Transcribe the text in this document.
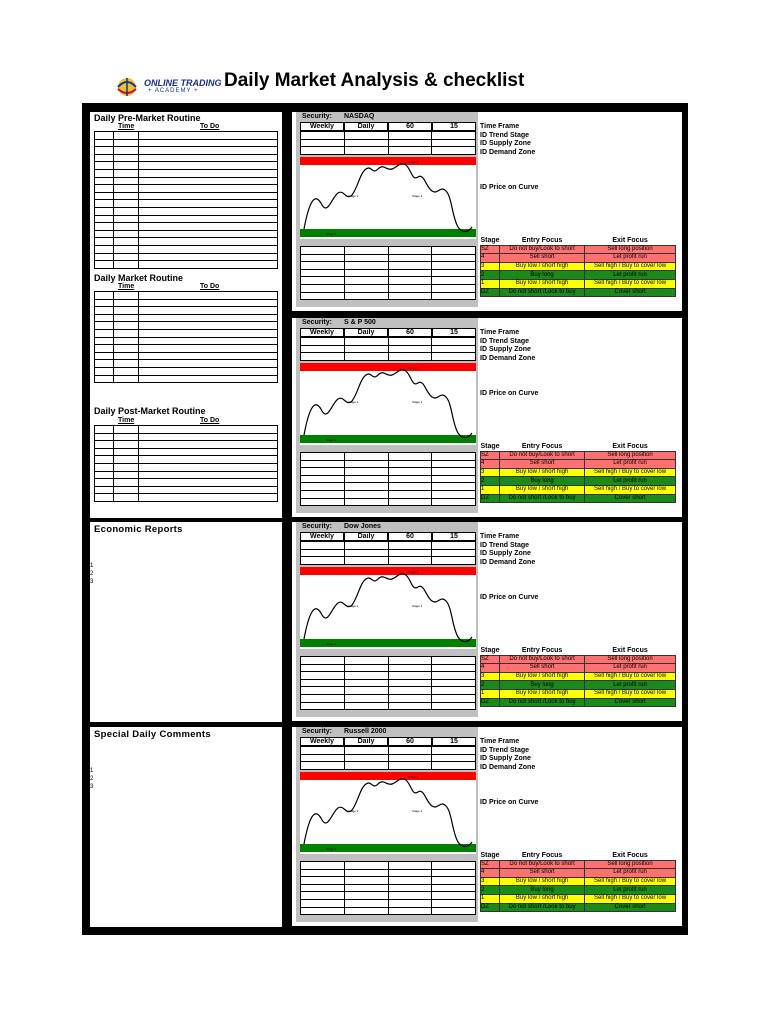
ONLINE TRADING
+ ACADEMY + Daily Market Analysis & checklist
Daily Pre-Market Routine
Time	To Do

Daily Market Routine
Time	To Do

Daily Post-Market Routine
Time	To Do

Economic Reports
1
2
3
Special Daily Comments
1
2
3
Security: NASDAQ
Weekly	Daily	60	15

Stage 2	Stage 4
Stage 3
Stage 1

Time Frame
ID Trend Stage
ID Supply Zone
ID Demand Zone
ID Price on Curve
Stage	Entry Focus	Exit Focus
SZ	Do not buy/Look to short	Sell long position
4	Sell short	Let profit run
3	Buy low / short high	Sell high / Buy to cover low
2	Buy long	Let profit run
1	Buy low / short high	Sell high / Buy to cover low
DZ	Do not short /Look to buy	Cover short
Security: S & P 500
Weekly	Daily	60	15

Stage 2	Stage 4
Stage 3
Stage 1

Time Frame
ID Trend Stage
ID Supply Zone
ID Demand Zone
ID Price on Curve
Stage	Entry Focus	Exit Focus
SZ	Do not buy/Look to short	Sell long position
4	Sell short	Let profit run
3	Buy low / short high	Sell high / Buy to cover low
2	Buy long	Let profit run
1	Buy low / short high	Sell high / Buy to cover low
DZ	Do not short /Look to buy	Cover short
Security: Dow Jones
Weekly	Daily	60	15

Stage 2	Stage 4
Stage 3
Stage 1

Time Frame
ID Trend Stage
ID Supply Zone
ID Demand Zone
ID Price on Curve
Stage	Entry Focus	Exit Focus
SZ	Do not buy/Look to short	Sell long position
4	Sell short	Let profit run
3	Buy low / short high	Sell high / Buy to cover low
2	Buy long	Let profit run
1	Buy low / short high	Sell high / Buy to cover low
DZ	Do not short /Look to buy	Cover short
Security: Russell 2000
Weekly	Daily	60	15

Stage 2	Stage 4
Stage 3
Stage 1

Time Frame
ID Trend Stage
ID Supply Zone
ID Demand Zone
ID Price on Curve
Stage	Entry Focus	Exit Focus
SZ	Do not buy/Look to short	Sell long position
4	Sell short	Let profit run
3	Buy low / short high	Sell high / Buy to cover low
2	Buy long	Let profit run
1	Buy low / short high	Sell high / Buy to cover low
DZ	Do not short /Look to buy	Cover short
